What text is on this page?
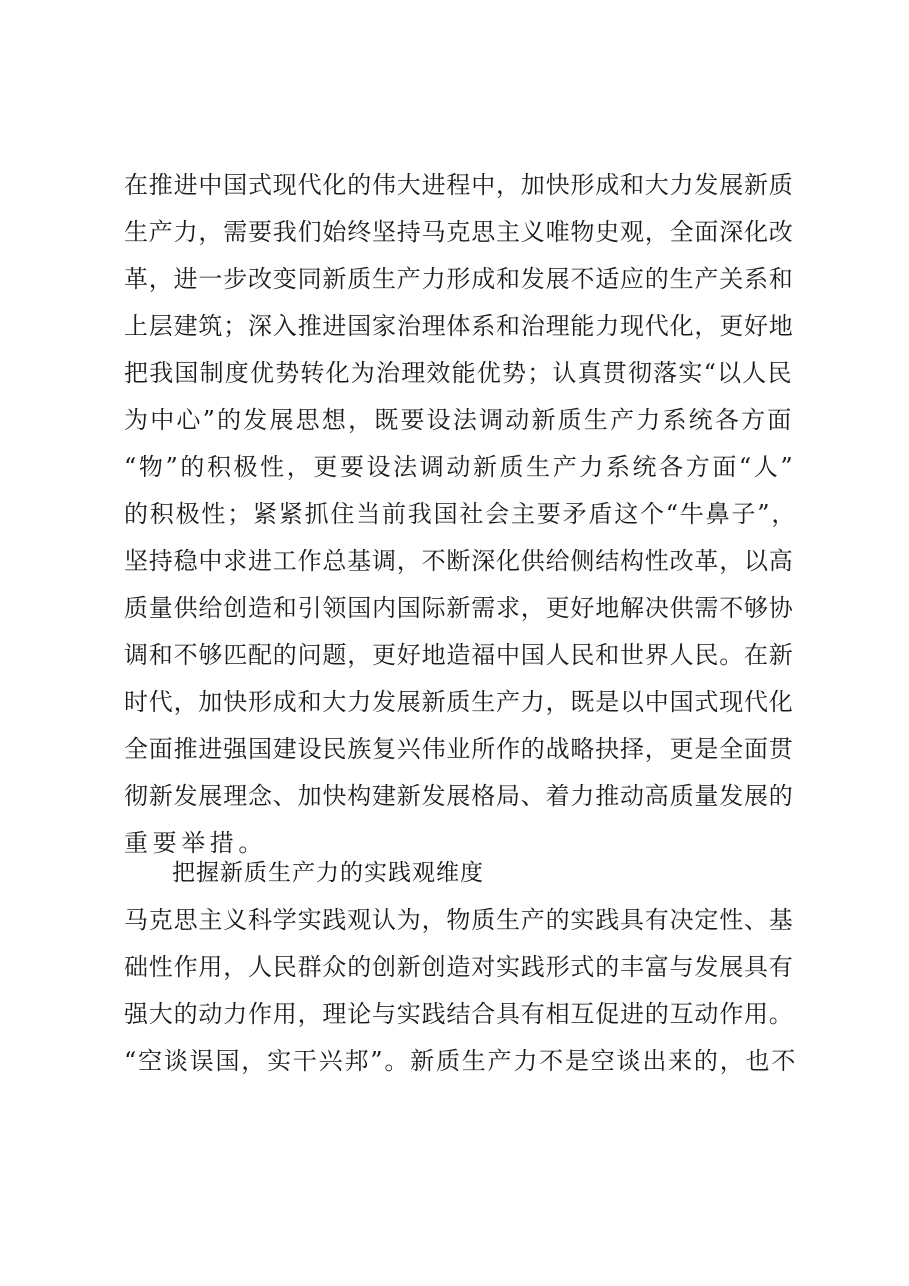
在推进中国式现代化的伟大进程中，加快形成和大力发展新质
生产力，需要我们始终坚持马克思主义唯物史观，全面深化改
革，进一步改变同新质生产力形成和发展不适应的生产关系和
上层建筑；深入推进国家治理体系和治理能力现代化，更好地
把我国制度优势转化为治理效能优势；认真贯彻落实“以人民
为中心”的发展思想，既要设法调动新质生产力系统各方面
“物”的积极性，更要设法调动新质生产力系统各方面“人”
的积极性；紧紧抓住当前我国社会主要矛盾这个“牛鼻子”，
坚持稳中求进工作总基调，不断深化供给侧结构性改革，以高
质量供给创造和引领国内国际新需求，更好地解决供需不够协
调和不够匹配的问题，更好地造福中国人民和世界人民。在新
时代，加快形成和大力发展新质生产力，既是以中国式现代化
全面推进强国建设民族复兴伟业所作的战略抉择，更是全面贯
彻新发展理念、加快构建新发展格局、着力推动高质量发展的
重要举措。
把握新质生产力的实践观维度
马克思主义科学实践观认为，物质生产的实践具有决定性、基
础性作用，人民群众的创新创造对实践形式的丰富与发展具有
强大的动力作用，理论与实践结合具有相互促进的互动作用。
“空谈误国，实干兴邦”。新质生产力不是空谈出来的，也不
